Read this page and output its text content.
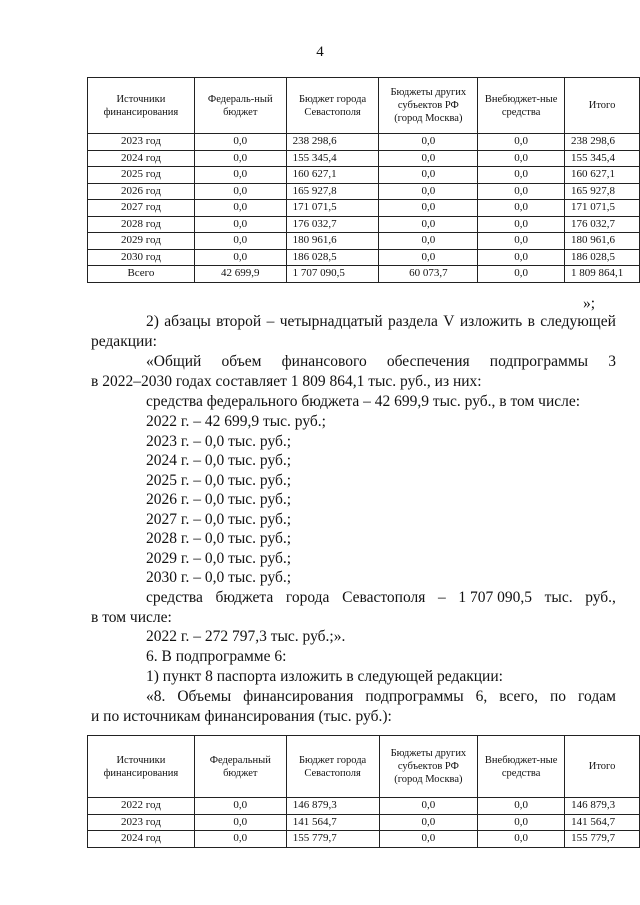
4
Источники финансирования	Федераль-ный бюджет	Бюджет города Севастополя	Бюджеты других субъектов РФ (город Москва)	Внебюджет-ные средства	Итого
2023 год	0,0	238 298,6	0,0	0,0	238 298,6
2024 год	0,0	155 345,4	0,0	0,0	155 345,4
2025 год	0,0	160 627,1	0,0	0,0	160 627,1
2026 год	0,0	165 927,8	0,0	0,0	165 927,8
2027 год	0,0	171 071,5	0,0	0,0	171 071,5
2028 год	0,0	176 032,7	0,0	0,0	176 032,7
2029 год	0,0	180 961,6	0,0	0,0	180 961,6
2030 год	0,0	186 028,5	0,0	0,0	186 028,5
Всего	42 699,9	1 707 090,5	60 073,7	0,0	1 809 864,1
»;
2) абзацы второй – четырнадцатый раздела V изложить в следующей
редакции:
«Общий объем финансового обеспечения подпрограммы 3
в 2022–2030 годах составляет 1 809 864,1 тыс. руб., из них:
средства федерального бюджета – 42 699,9 тыс. руб., в том числе:
2022 г. – 42 699,9 тыс. руб.;
2023 г. – 0,0 тыс. руб.;
2024 г. – 0,0 тыс. руб.;
2025 г. – 0,0 тыс. руб.;
2026 г. – 0,0 тыс. руб.;
2027 г. – 0,0 тыс. руб.;
2028 г. – 0,0 тыс. руб.;
2029 г. – 0,0 тыс. руб.;
2030 г. – 0,0 тыс. руб.;
средства бюджета города Севастополя – 1 707 090,5 тыс. руб.,
в том числе:
2022 г. – 272 797,3 тыс. руб.;».
6. В подпрограмме 6:
1) пункт 8 паспорта изложить в следующей редакции:
«8. Объемы финансирования подпрограммы 6, всего, по годам
и по источникам финансирования (тыс. руб.):
Источники финансирования	Федеральный бюджет	Бюджет города Севастополя	Бюджеты других субъектов РФ (город Москва)	Внебюджет-ные средства	Итого
2022 год	0,0	146 879,3	0,0	0,0	146 879,3
2023 год	0,0	141 564,7	0,0	0,0	141 564,7
2024 год	0,0	155 779,7	0,0	0,0	155 779,7
